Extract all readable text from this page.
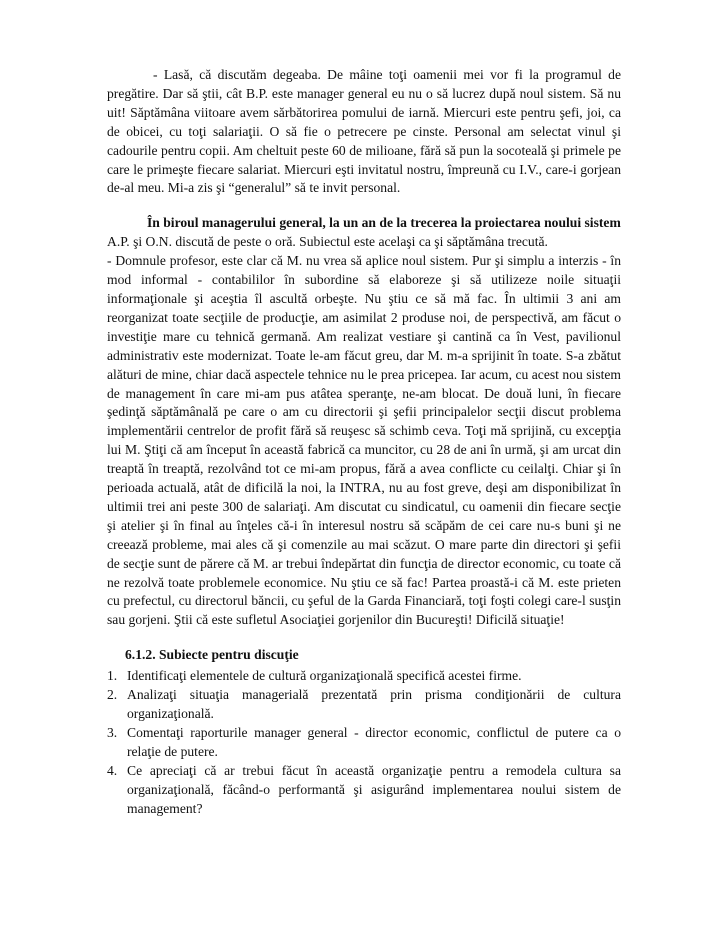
- Lasă, că discutăm degeaba. De mâine toţi oamenii mei vor fi la programul de pregătire. Dar să ştii, cât B.P. este manager general eu nu o să lucrez după noul sistem. Să nu uit! Săptămâna viitoare avem sărbătorirea pomului de iarnă. Miercuri este pentru şefi, joi, ca de obicei, cu toţi salariaţii. O să fie o petrecere pe cinste. Personal am selectat vinul şi cadourile pentru copii. Am cheltuit peste 60 de milioane, fără să pun la socoteală şi primele pe care le primeşte fiecare salariat. Miercuri eşti invitatul nostru, împreună cu I.V., care-i gorjean de-al meu. Mi-a zis şi “generalul” să te invit personal.

În biroul managerului general, la un an de la trecerea la proiectarea noului sistem

A.P. şi O.N. discută de peste o oră. Subiectul este acelaşi ca şi săptămâna trecută.

- Domnule profesor, este clar că M. nu vrea să aplice noul sistem. Pur şi simplu a interzis - în mod informal - contabililor în subordine să elaboreze şi să utilizeze noile situaţii informaţionale şi aceştia îl ascultă orbeşte. Nu ştiu ce să mă fac. În ultimii 3 ani am reorganizat toate secţiile de producţie, am asimilat 2 produse noi, de perspectivă, am făcut o investiţie mare cu tehnică germană. Am realizat vestiare şi cantină ca în Vest, pavilionul administrativ este modernizat. Toate le-am făcut greu, dar M. m-a sprijinit în toate. S-a zbătut alături de mine, chiar dacă aspectele tehnice nu le prea pricepea. Iar acum, cu acest nou sistem de management în care mi-am pus atâtea speranţe, ne-am blocat. De două luni, în fiecare şedinţă săptămânală pe care o am cu directorii şi şefii principalelor secţii discut problema implementării centrelor de profit fără să reuşesc să schimb ceva. Toţi mă sprijină, cu excepţia lui M. Ştiţi că am început în această fabrică ca muncitor, cu 28 de ani în urmă, şi am urcat din treaptă în treaptă, rezolvând tot ce mi-am propus, fără a avea conflicte cu ceilalţi. Chiar şi în perioada actuală, atât de dificilă la noi, la INTRA, nu au fost greve, deşi am disponibilizat în ultimii trei ani peste 300 de salariaţi. Am discutat cu sindicatul, cu oamenii din fiecare secţie şi atelier şi în final au înţeles că-i în interesul nostru să scăpăm de cei care nu-s buni şi ne creează probleme, mai ales că şi comenzile au mai scăzut. O mare parte din directori şi şefii de secţie sunt de părere că M. ar trebui îndepărtat din funcţia de director economic, cu toate că ne rezolvă toate problemele economice. Nu ştiu ce să fac! Partea proastă-i că M. este prieten cu prefectul, cu directorul băncii, cu şeful de la Garda Financiară, toţi foşti colegi care-l susţin sau gorjeni. Ştii că este sufletul Asociaţiei gorjenilor din Bucureşti! Dificilă situaţie!

6.1.2. Subiecte pentru discuţie

1. Identificaţi elementele de cultură organizaţională specifică acestei firme.
2. Analizaţi situaţia managerială prezentată prin prisma condiţionării de cultura organizaţională.
3. Comentaţi raporturile manager general - director economic, conflictul de putere ca o relaţie de putere.
4. Ce apreciaţi că ar trebui făcut în această organizaţie pentru a remodela cultura sa organizaţională, făcând-o performantă şi asigurând implementarea noului sistem de management?
